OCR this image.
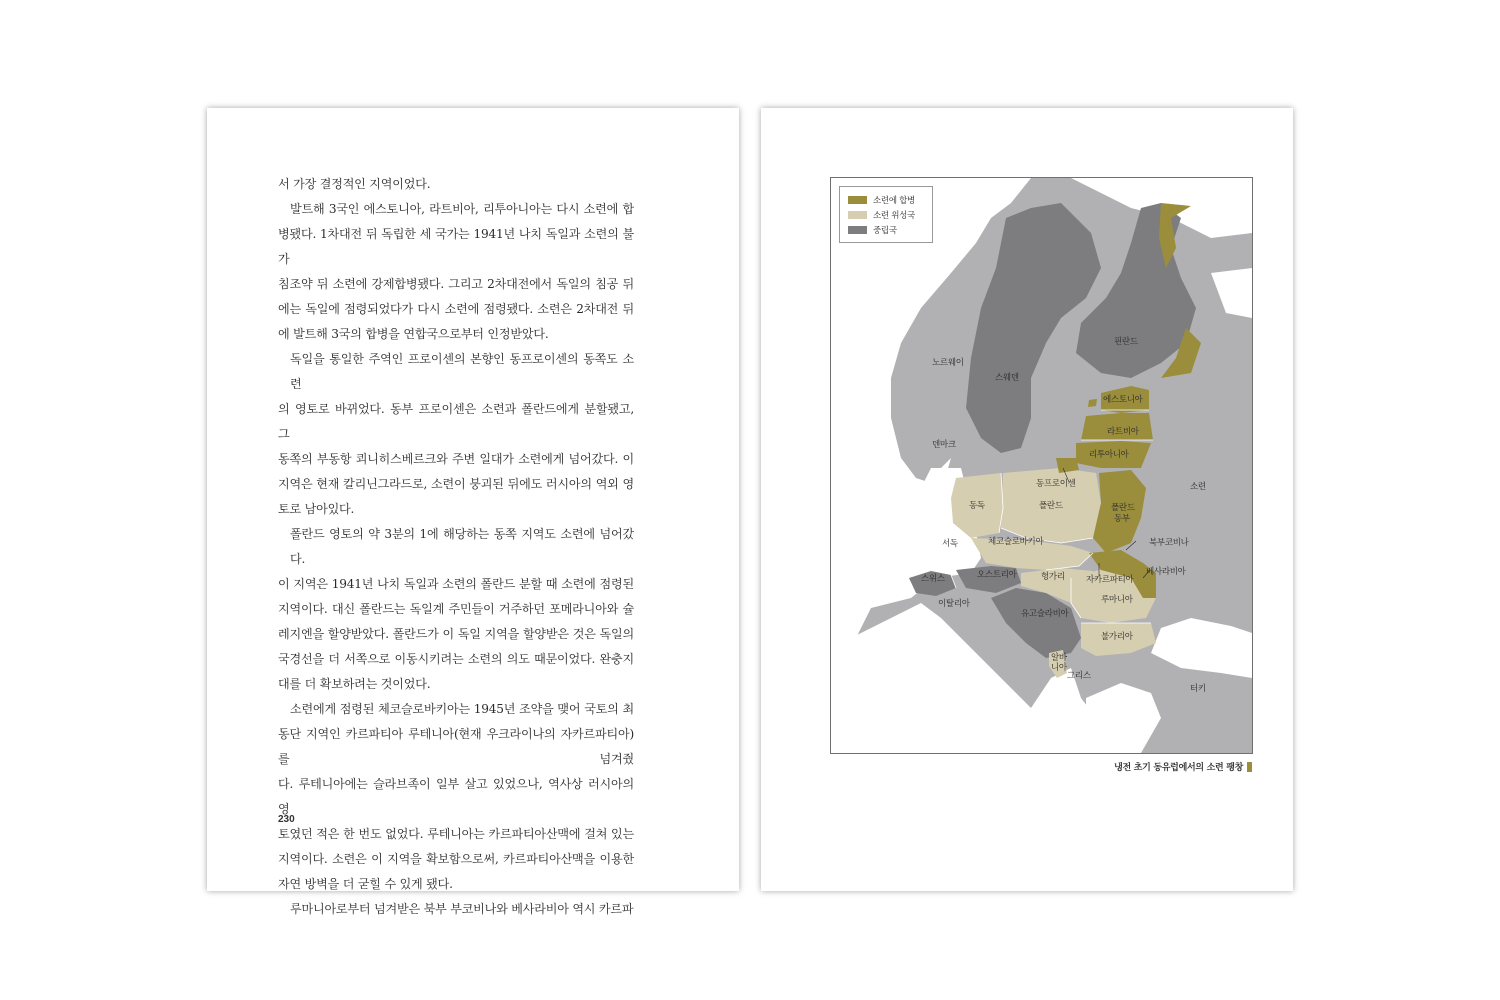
서 가장 결정적인 지역이었다.

발트해 3국인 에스토니아, 라트비아, 리투아니아는 다시 소련에 합
병됐다. 1차대전 뒤 독립한 세 국가는 1941년 나치 독일과 소련의 불가
침조약 뒤 소련에 강제합병됐다. 그리고 2차대전에서 독일의 침공 뒤
에는 독일에 점령되었다가 다시 소련에 점령됐다. 소련은 2차대전 뒤
에 발트해 3국의 합병을 연합국으로부터 인정받았다.

독일을 통일한 주역인 프로이센의 본향인 동프로이센의 동쪽도 소련
의 영토로 바뀌었다. 동부 프로이센은 소련과 폴란드에게 분할됐고, 그
동쪽의 부동항 쾨니히스베르크와 주변 일대가 소련에게 넘어갔다. 이
지역은 현재 칼리닌그라드로, 소련이 붕괴된 뒤에도 러시아의 역외 영
토로 남아있다.

폴란드 영토의 약 3분의 1에 해당하는 동쪽 지역도 소련에 넘어갔다.
이 지역은 1941년 나치 독일과 소련의 폴란드 분할 때 소련에 점령된
지역이다. 대신 폴란드는 독일계 주민들이 거주하던 포메라니아와 슐
레지엔을 할양받았다. 폴란드가 이 독일 지역을 할양받은 것은 독일의
국경선을 더 서쪽으로 이동시키려는 소련의 의도 때문이었다. 완충지
대를 더 확보하려는 것이었다.

소련에게 점령된 체코슬로바키아는 1945년 조약을 맺어 국토의 최
동단 지역인 카르파티아 루테니아(현재 우크라이나의 자카르파티아)를 넘겨줬
다. 루테니아에는 슬라브족이 일부 살고 있었으나, 역사상 러시아의 영
토였던 적은 한 번도 없었다. 루테니아는 카르파티아산맥에 걸쳐 있는
지역이다. 소련은 이 지역을 확보함으로써, 카르파티아산맥을 이용한
자연 방벽을 더 굳힐 수 있게 됐다.

루마니아로부터 넘겨받은 북부 부코비나와 베사라비아 역시 카르파

230
노르웨이
스웨덴
핀란드
덴마크
에스토니아
라트비아
리투아니아
동프로이센	소련
동독	폴란드	폴란드
동부
서독	체코슬로바키아	북부코비나
스위스	오스트리아	헝가리	자카르파티아
베사라비아
이탈리아
유고슬라비아
루마니아
불가리아
알바
니아
그리스
터키
소련에 합병
소련 위성국
중립국
냉전 초기 동유럽에서의 소련 팽창
